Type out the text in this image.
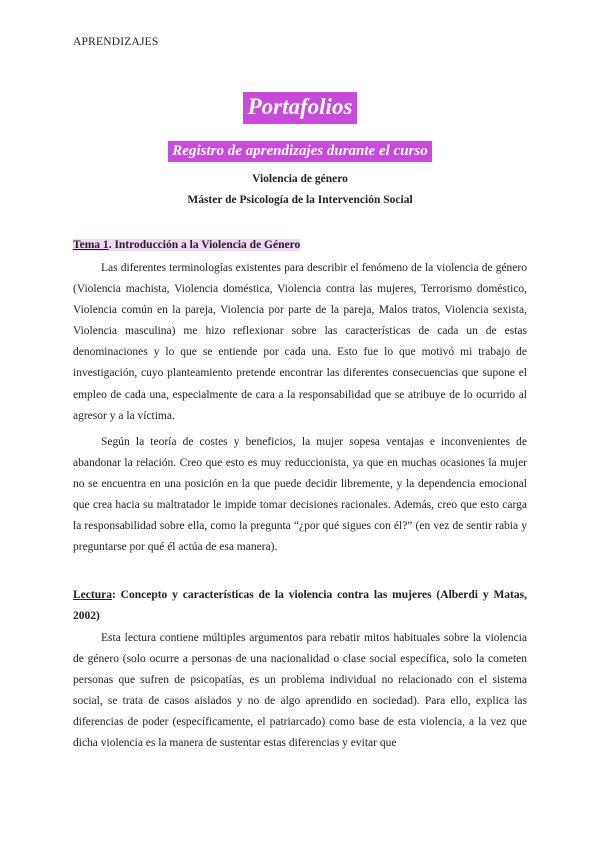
APRENDIZAJES
Portafolios
Registro de aprendizajes durante el curso
Violencia de género
Máster de Psicología de la Intervención Social
Tema 1. Introducción a la Violencia de Género

Las diferentes terminologías existentes para describir el fenómeno de la violencia de género (Violencia machista, Violencia doméstica, Violencia contra las mujeres, Terrorismo doméstico, Violencia común en la pareja, Violencia por parte de la pareja, Malos tratos, Violencia sexista, Violencia masculina) me hizo reflexionar sobre las características de cada un de estas denominaciones y lo que se entiende por cada una. Esto fue lo que motivó mi trabajo de investigación, cuyo planteamiento pretende encontrar las diferentes consecuencias que supone el empleo de cada una, especialmente de cara a la responsabilidad que se atribuye de lo ocurrido al agresor y a la víctima.

Según la teoría de costes y beneficios, la mujer sopesa ventajas e inconvenientes de abandonar la relación. Creo que esto es muy reduccionista, ya que en muchas ocasiones la mujer no se encuentra en una posición en la que puede decidir libremente, y la dependencia emocional que crea hacia su maltratador le impide tomar decisiones racionales. Además, creo que esto carga la responsabilidad sobre ella, como la pregunta “¿por qué sigues con él?” (en vez de sentir rabia y preguntarse por qué él actúa de esa manera).

Lectura: Concepto y características de la violencia contra las mujeres (Alberdi y Matas, 2002)

Esta lectura contiene múltiples argumentos para rebatir mitos habituales sobre la violencia de género (solo ocurre a personas de una nacionalidad o clase social específica, solo la cometen personas que sufren de psicopatías, es un problema individual no relacionado con el sistema social, se trata de casos aislados y no de algo aprendido en sociedad). Para ello, explica las diferencias de poder (específicamente, el patriarcado) como base de esta violencia, a la vez que dicha violencia es la manera de sustentar estas diferencias y evitar que
